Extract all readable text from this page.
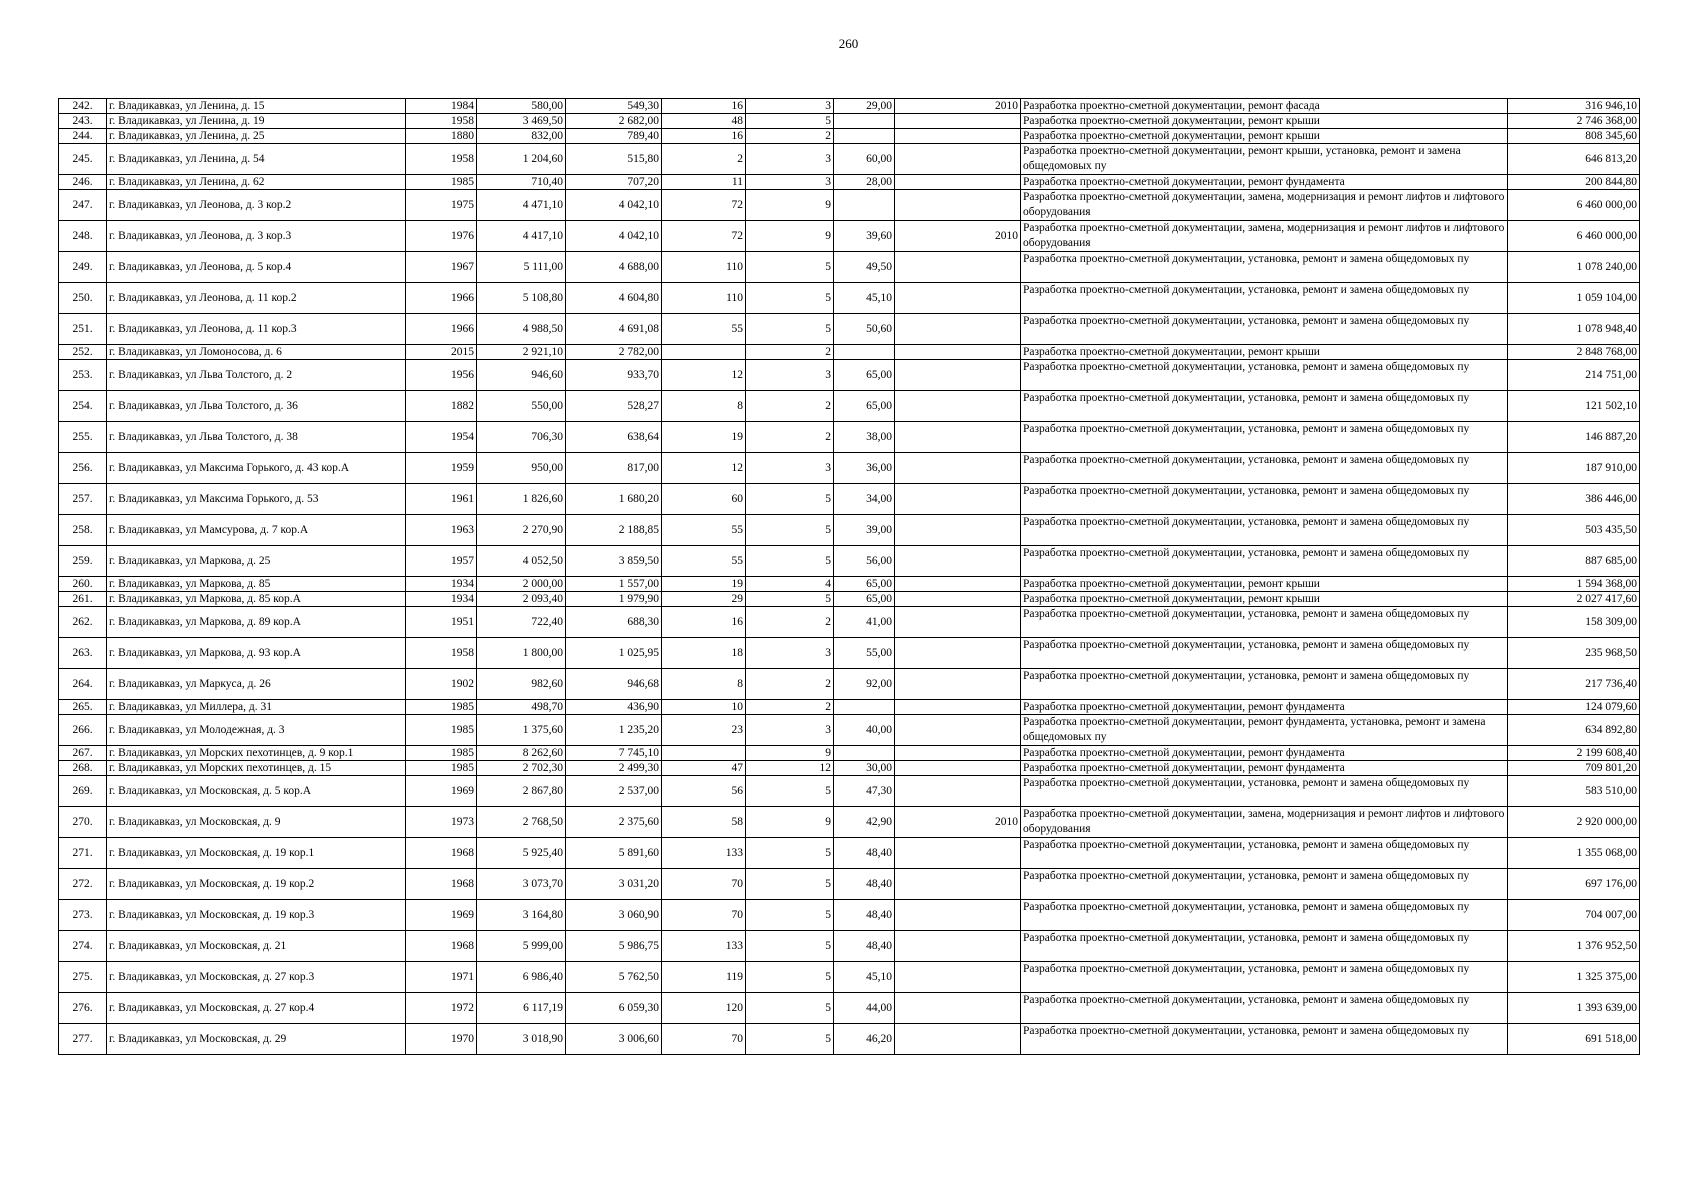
260
242.	г. Владикавказ, ул Ленина, д. 15	1984	580,00	549,30	16	3	29,00	2010	Разработка проектно-сметной документации, ремонт фасада	316 946,10
243.	г. Владикавказ, ул Ленина, д. 19	1958	3 469,50	2 682,00	48	5			Разработка проектно-сметной документации, ремонт крыши	2 746 368,00
244.	г. Владикавказ, ул Ленина, д. 25	1880	832,00	789,40	16	2			Разработка проектно-сметной документации, ремонт крыши	808 345,60
245.	г. Владикавказ, ул Ленина, д. 54	1958	1 204,60	515,80	2	3	60,00		Разработка проектно-сметной документации, ремонт крыши, установка, ремонт и замена общедомовых пу	646 813,20
246.	г. Владикавказ, ул Ленина, д. 62	1985	710,40	707,20	11	3	28,00		Разработка проектно-сметной документации, ремонт фундамента	200 844,80
247.	г. Владикавказ, ул Леонова, д. 3 кор.2	1975	4 471,10	4 042,10	72	9			Разработка проектно-сметной документации, замена, модернизация и ремонт лифтов и лифтового оборудования	6 460 000,00
248.	г. Владикавказ, ул Леонова, д. 3 кор.3	1976	4 417,10	4 042,10	72	9	39,60	2010	Разработка проектно-сметной документации, замена, модернизация и ремонт лифтов и лифтового оборудования	6 460 000,00
249.	г. Владикавказ, ул Леонова, д. 5 кор.4	1967	5 111,00	4 688,00	110	5	49,50		Разработка проектно-сметной документации, установка, ремонт и замена общедомовых пу	1 078 240,00
250.	г. Владикавказ, ул Леонова, д. 11 кор.2	1966	5 108,80	4 604,80	110	5	45,10		Разработка проектно-сметной документации, установка, ремонт и замена общедомовых пу	1 059 104,00
251.	г. Владикавказ, ул Леонова, д. 11 кор.3	1966	4 988,50	4 691,08	55	5	50,60		Разработка проектно-сметной документации, установка, ремонт и замена общедомовых пу	1 078 948,40
252.	г. Владикавказ, ул Ломоносова, д. 6	2015	2 921,10	2 782,00		2			Разработка проектно-сметной документации, ремонт крыши	2 848 768,00
253.	г. Владикавказ, ул Льва Толстого, д. 2	1956	946,60	933,70	12	3	65,00		Разработка проектно-сметной документации, установка, ремонт и замена общедомовых пу	214 751,00
254.	г. Владикавказ, ул Льва Толстого, д. 36	1882	550,00	528,27	8	2	65,00		Разработка проектно-сметной документации, установка, ремонт и замена общедомовых пу	121 502,10
255.	г. Владикавказ, ул Льва Толстого, д. 38	1954	706,30	638,64	19	2	38,00		Разработка проектно-сметной документации, установка, ремонт и замена общедомовых пу	146 887,20
256.	г. Владикавказ, ул Максима Горького, д. 43 кор.А	1959	950,00	817,00	12	3	36,00		Разработка проектно-сметной документации, установка, ремонт и замена общедомовых пу	187 910,00
257.	г. Владикавказ, ул Максима Горького, д. 53	1961	1 826,60	1 680,20	60	5	34,00		Разработка проектно-сметной документации, установка, ремонт и замена общедомовых пу	386 446,00
258.	г. Владикавказ, ул Мамсурова, д. 7 кор.А	1963	2 270,90	2 188,85	55	5	39,00		Разработка проектно-сметной документации, установка, ремонт и замена общедомовых пу	503 435,50
259.	г. Владикавказ, ул Маркова, д. 25	1957	4 052,50	3 859,50	55	5	56,00		Разработка проектно-сметной документации, установка, ремонт и замена общедомовых пу	887 685,00
260.	г. Владикавказ, ул Маркова, д. 85	1934	2 000,00	1 557,00	19	4	65,00		Разработка проектно-сметной документации, ремонт крыши	1 594 368,00
261.	г. Владикавказ, ул Маркова, д. 85 кор.А	1934	2 093,40	1 979,90	29	5	65,00		Разработка проектно-сметной документации, ремонт крыши	2 027 417,60
262.	г. Владикавказ, ул Маркова, д. 89 кор.А	1951	722,40	688,30	16	2	41,00		Разработка проектно-сметной документации, установка, ремонт и замена общедомовых пу	158 309,00
263.	г. Владикавказ, ул Маркова, д. 93 кор.А	1958	1 800,00	1 025,95	18	3	55,00		Разработка проектно-сметной документации, установка, ремонт и замена общедомовых пу	235 968,50
264.	г. Владикавказ, ул Маркуса, д. 26	1902	982,60	946,68	8	2	92,00		Разработка проектно-сметной документации, установка, ремонт и замена общедомовых пу	217 736,40
265.	г. Владикавказ, ул Миллера, д. 31	1985	498,70	436,90	10	2			Разработка проектно-сметной документации, ремонт фундамента	124 079,60
266.	г. Владикавказ, ул Молодежная, д. 3	1985	1 375,60	1 235,20	23	3	40,00		Разработка проектно-сметной документации, ремонт фундамента, установка, ремонт и замена общедомовых пу	634 892,80
267.	г. Владикавказ, ул Морских пехотинцев, д. 9 кор.1	1985	8 262,60	7 745,10		9			Разработка проектно-сметной документации, ремонт фундамента	2 199 608,40
268.	г. Владикавказ, ул Морских пехотинцев, д. 15	1985	2 702,30	2 499,30	47	12	30,00		Разработка проектно-сметной документации, ремонт фундамента	709 801,20
269.	г. Владикавказ, ул Московская, д. 5 кор.А	1969	2 867,80	2 537,00	56	5	47,30		Разработка проектно-сметной документации, установка, ремонт и замена общедомовых пу	583 510,00
270.	г. Владикавказ, ул Московская, д. 9	1973	2 768,50	2 375,60	58	9	42,90	2010	Разработка проектно-сметной документации, замена, модернизация и ремонт лифтов и лифтового оборудования	2 920 000,00
271.	г. Владикавказ, ул Московская, д. 19 кор.1	1968	5 925,40	5 891,60	133	5	48,40		Разработка проектно-сметной документации, установка, ремонт и замена общедомовых пу	1 355 068,00
272.	г. Владикавказ, ул Московская, д. 19 кор.2	1968	3 073,70	3 031,20	70	5	48,40		Разработка проектно-сметной документации, установка, ремонт и замена общедомовых пу	697 176,00
273.	г. Владикавказ, ул Московская, д. 19 кор.3	1969	3 164,80	3 060,90	70	5	48,40		Разработка проектно-сметной документации, установка, ремонт и замена общедомовых пу	704 007,00
274.	г. Владикавказ, ул Московская, д. 21	1968	5 999,00	5 986,75	133	5	48,40		Разработка проектно-сметной документации, установка, ремонт и замена общедомовых пу	1 376 952,50
275.	г. Владикавказ, ул Московская, д. 27 кор.3	1971	6 986,40	5 762,50	119	5	45,10		Разработка проектно-сметной документации, установка, ремонт и замена общедомовых пу	1 325 375,00
276.	г. Владикавказ, ул Московская, д. 27 кор.4	1972	6 117,19	6 059,30	120	5	44,00		Разработка проектно-сметной документации, установка, ремонт и замена общедомовых пу	1 393 639,00
277.	г. Владикавказ, ул Московская, д. 29	1970	3 018,90	3 006,60	70	5	46,20		Разработка проектно-сметной документации, установка, ремонт и замена общедомовых пу	691 518,00
